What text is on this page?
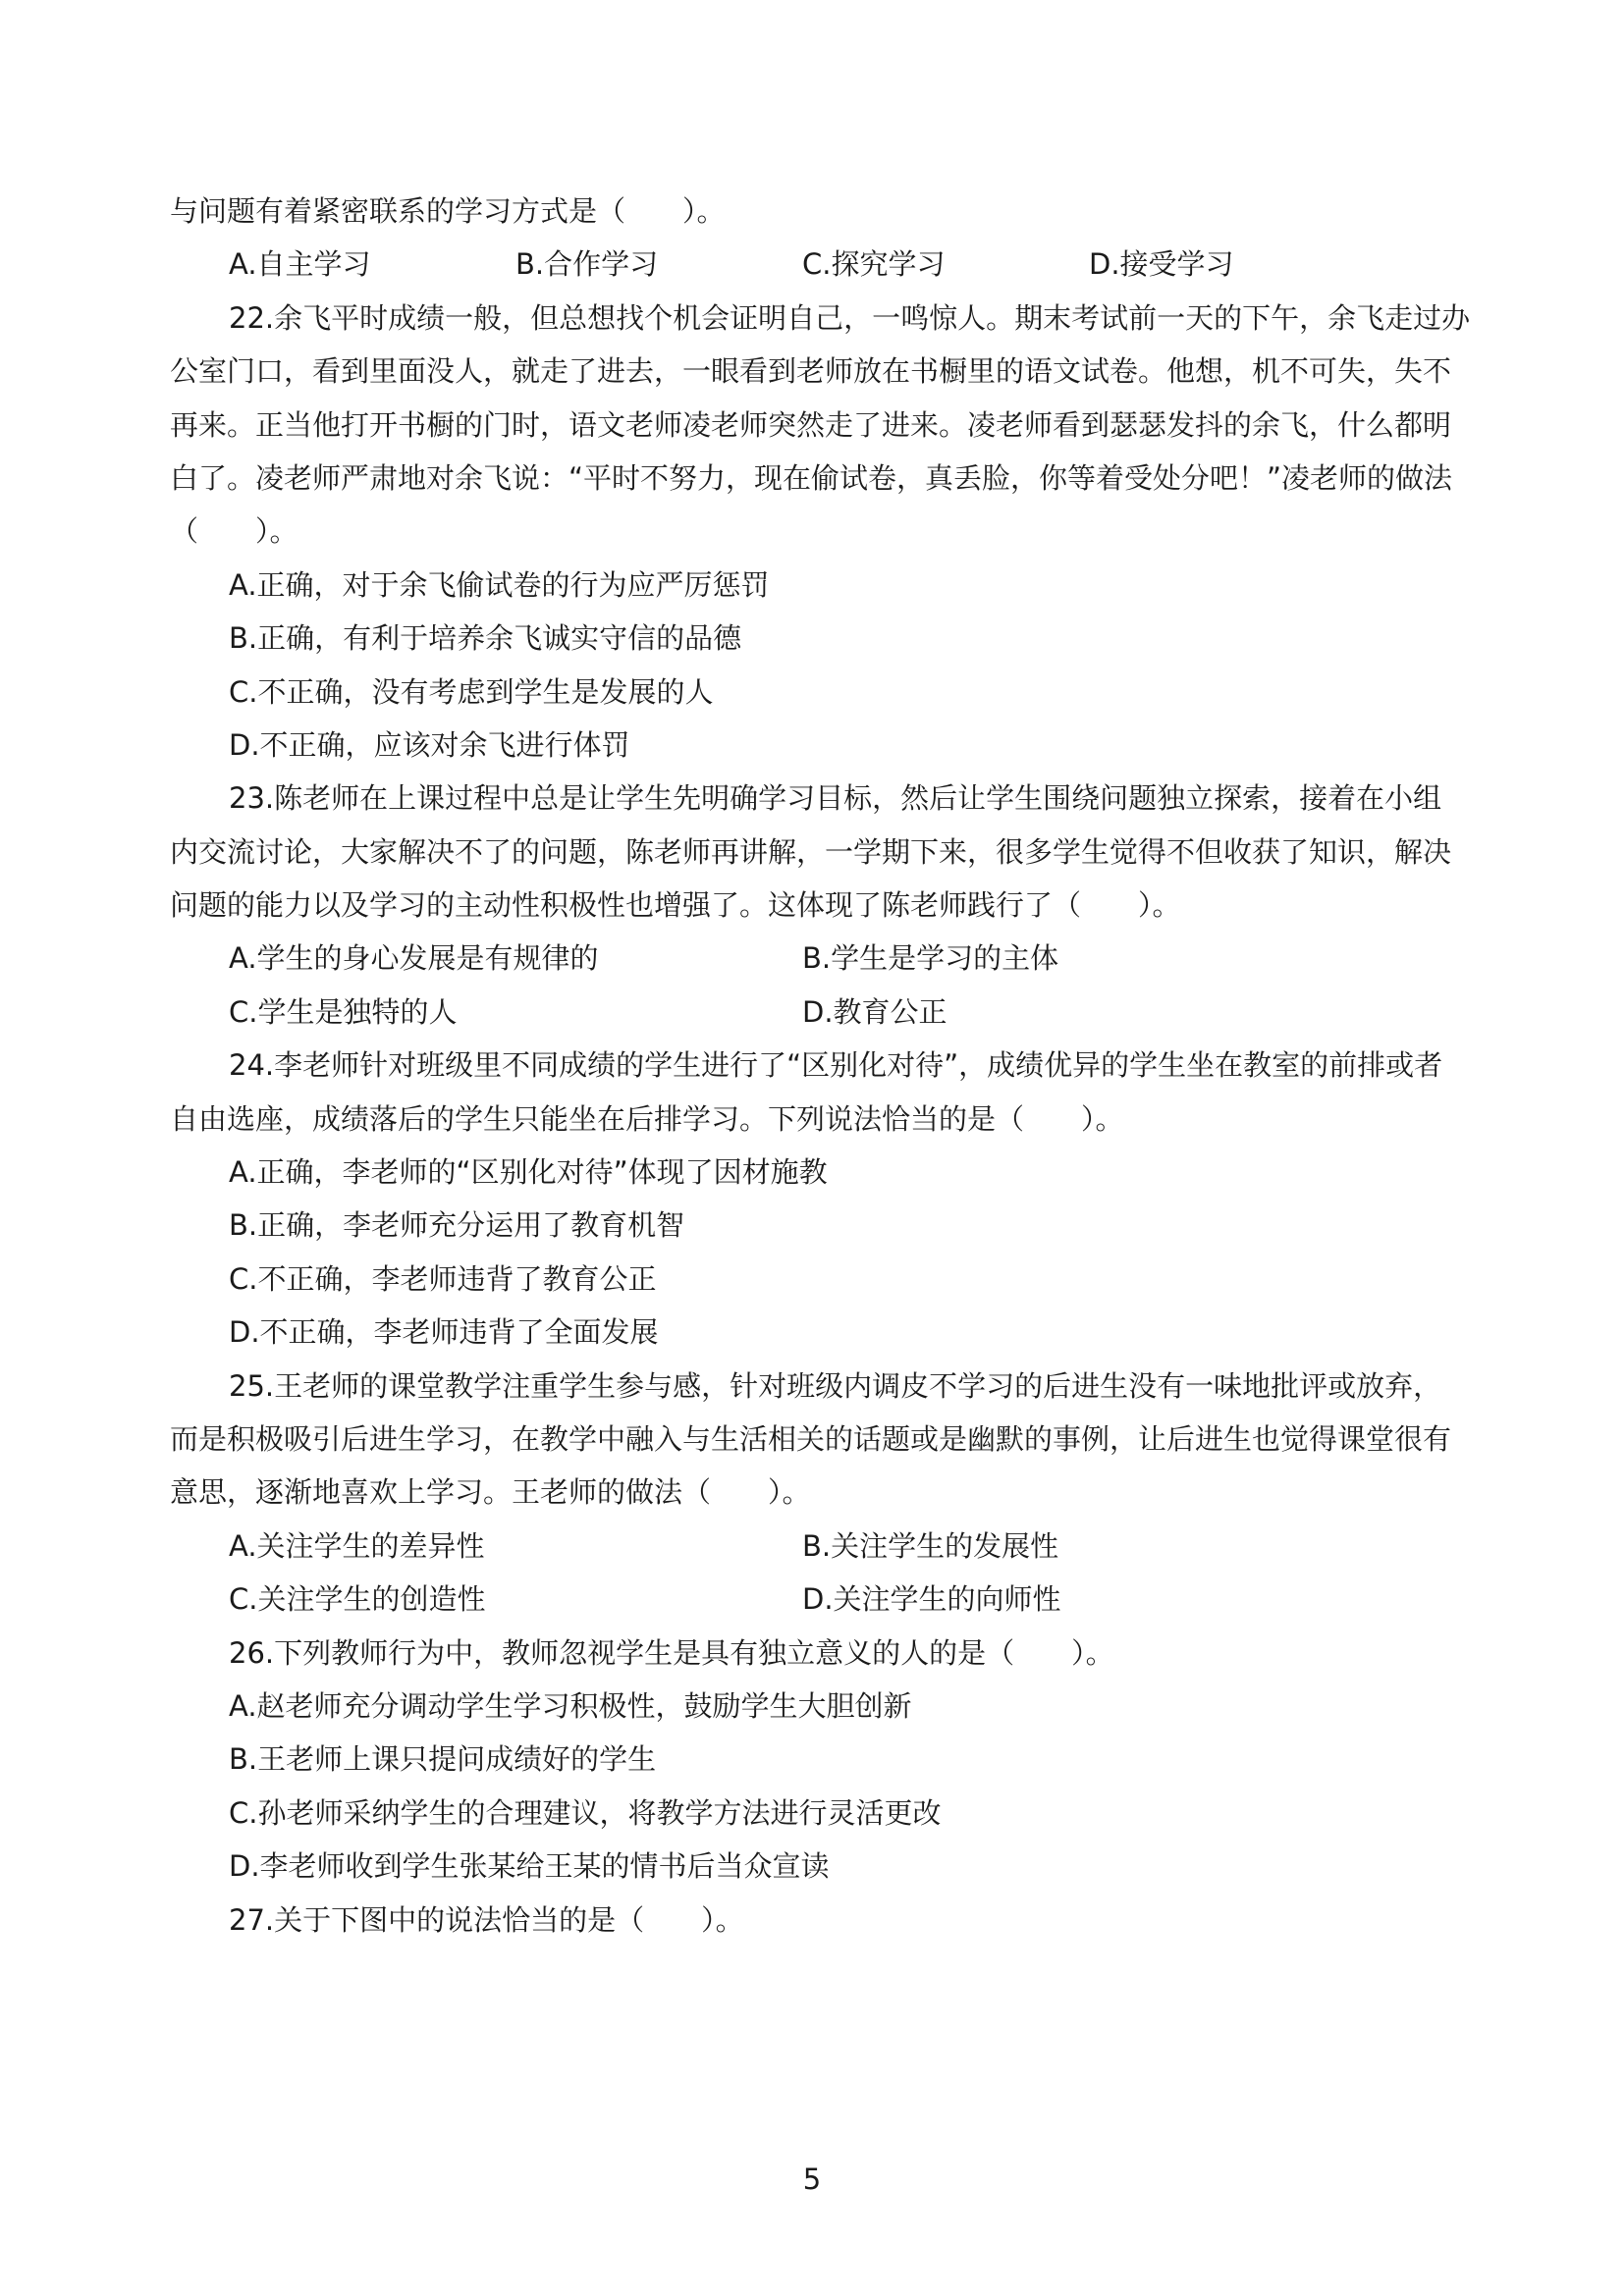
与问题有着紧密联系的学习方式是（　　）。
A.自主学习	B.合作学习	C.探究学习	D.接受学习
22.余飞平时成绩一般，但总想找个机会证明自己，一鸣惊人。期末考试前一天的下午，余飞走过办
公室门口，看到里面没人，就走了进去，一眼看到老师放在书橱里的语文试卷。他想，机不可失，失不
再来。正当他打开书橱的门时，语文老师凌老师突然走了进来。凌老师看到瑟瑟发抖的余飞，什么都明
白了。凌老师严肃地对余飞说：“平时不努力，现在偷试卷，真丢脸，你等着受处分吧！”凌老师的做法
（　　）。
A.正确，对于余飞偷试卷的行为应严厉惩罚
B.正确，有利于培养余飞诚实守信的品德
C.不正确，没有考虑到学生是发展的人
D.不正确，应该对余飞进行体罚
23.陈老师在上课过程中总是让学生先明确学习目标，然后让学生围绕问题独立探索，接着在小组
内交流讨论，大家解决不了的问题，陈老师再讲解，一学期下来，很多学生觉得不但收获了知识，解决
问题的能力以及学习的主动性积极性也增强了。这体现了陈老师践行了（　　）。
A.学生的身心发展是有规律的	B.学生是学习的主体
C.学生是独特的人	D.教育公正
24.李老师针对班级里不同成绩的学生进行了“区别化对待”，成绩优异的学生坐在教室的前排或者
自由选座，成绩落后的学生只能坐在后排学习。下列说法恰当的是（　　）。
A.正确，李老师的“区别化对待”体现了因材施教
B.正确，李老师充分运用了教育机智
C.不正确，李老师违背了教育公正
D.不正确，李老师违背了全面发展
25.王老师的课堂教学注重学生参与感，针对班级内调皮不学习的后进生没有一味地批评或放弃，
而是积极吸引后进生学习，在教学中融入与生活相关的话题或是幽默的事例，让后进生也觉得课堂很有
意思，逐渐地喜欢上学习。王老师的做法（　　）。
A.关注学生的差异性	B.关注学生的发展性
C.关注学生的创造性	D.关注学生的向师性
26.下列教师行为中，教师忽视学生是具有独立意义的人的是（　　）。
A.赵老师充分调动学生学习积极性，鼓励学生大胆创新
B.王老师上课只提问成绩好的学生
C.孙老师采纳学生的合理建议，将教学方法进行灵活更改
D.李老师收到学生张某给王某的情书后当众宣读
27.关于下图中的说法恰当的是（　　）。
5
